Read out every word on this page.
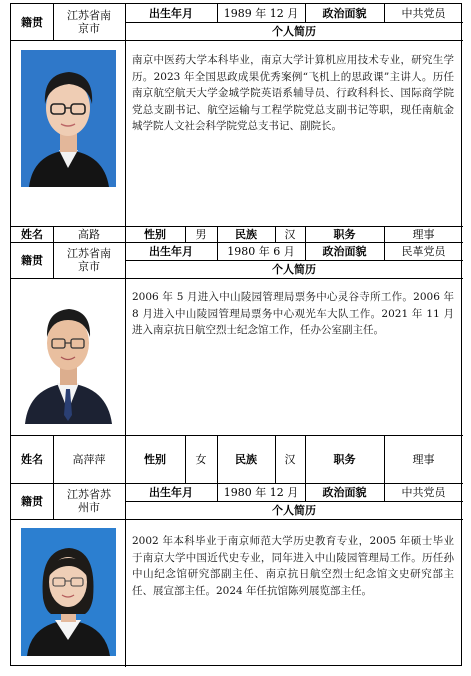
籍贯	江苏省南
京市
出生年月	1989 年 12 月	政治面貌	中共党员
个人简历
南京中医药大学本科毕业，南京大学计算机应用技术专业，研究生学历。2023 年全国思政成果优秀案例“飞机上的思政课”主讲人。历任南京航空航天大学金城学院英语系辅导员、行政科科长、国际商学院党总支副书记、航空运输与工程学院党总支副书记等职，现任南航金城学院人文社会科学院党总支书记、副院长。
姓名	高路	性别	男	民族	汉	职务	理事
籍贯	江苏省南
京市
出生年月	1980 年 6 月	政治面貌	民革党员
个人简历
2006 年 5 月进入中山陵园管理局票务中心灵谷寺所工作。2006 年 8 月进入中山陵园管理局票务中心观光车大队工作。2021 年 11 月进入南京抗日航空烈士纪念馆工作，任办公室副主任。
姓名	高萍萍	性别	女	民族	汉	职务	理事
籍贯	江苏省苏
州市
出生年月	1980 年 12 月	政治面貌	中共党员
个人简历
2002 年本科毕业于南京师范大学历史教育专业，2005 年硕士毕业于南京大学中国近代史专业，同年进入中山陵园管理局工作。历任孙中山纪念馆研究部副主任、南京抗日航空烈士纪念馆文史研究部主任、展宣部主任。2024 年任抗馆陈列展览部主任。
